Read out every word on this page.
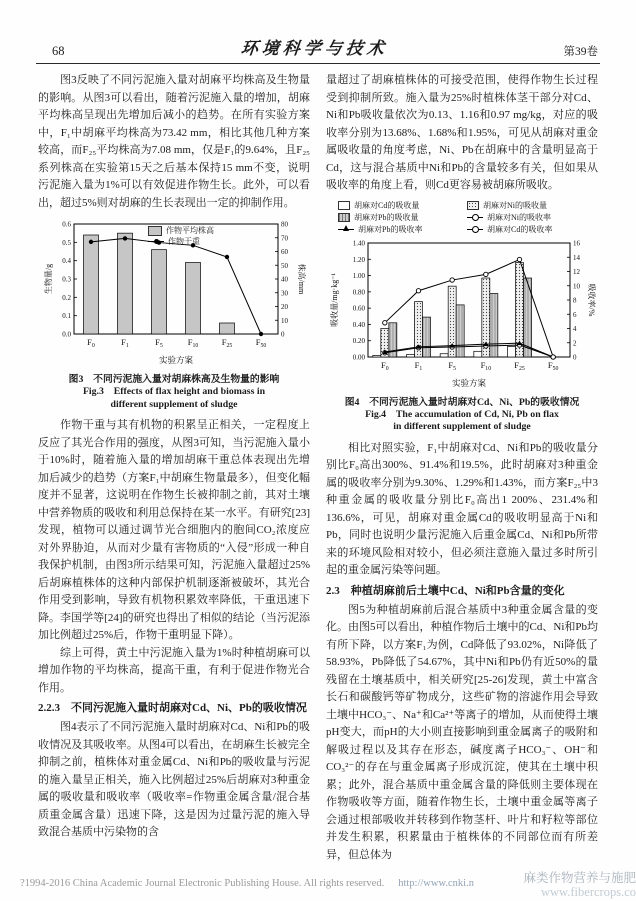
68	环境科学与技术	第39卷

图3反映了不同污泥施入量对胡麻平均株高及生物量的影响。从图3可以看出，随着污泥施入量的增加，胡麻平均株高呈现出先增加后减小的趋势。在所有实验方案中，F₁中胡麻平均株高为73.42 mm，相比其他几种方案较高，而F₂₅平均株高为7.08 mm，仅是F₁的9.64%，且F₂₅系列株高在实验第15天之后基本保持15 mm不变，说明污泥施入量为1%可以有效促进作物生长。此外，可以看出，超过5%则对胡麻的生长表现出一定的抑制作用。

0.0
0.1
0.2
0.3
0.4
0.5
0.6
0
10
20
30
40
50
60
70
80
$F_0$	$F_1$	$F_5$	$F_{10}$	$F_{25}$	$F_{50}$
实验方案
生物量/g	株高/mm
作物平均株高
作物干重
图3　不同污泥施入量对胡麻株高及生物量的影响
Fig.3　Effects of flax height and biomass in
different supplement of sludge

作物干重与其有机物的积累呈正相关，一定程度上反应了其光合作用的强度，从图3可知，当污泥施入量小于10%时，随着施入量的增加胡麻干重总体表现出先增加后减少的趋势（方案F₁中胡麻生物量最多），但变化幅度并不显著，这说明在作物生长被抑制之前，其对土壤中营养物质的吸收和利用总保持在某一水平。有研究[23]发现，植物可以通过调节光合细胞内的胞间CO₂浓度应对外界胁迫，从而对少量有害物质的“入侵”形成一种自我保护机制，由图3所示结果可知，污泥施入量超过25%后胡麻植株体的这种内部保护机制逐渐被破坏，其光合作用受到影响，导致有机物积累效率降低，干重迅速下降。李国学等[24]的研究也得出了相似的结论（当污泥添加比例超过25%后，作物干重明显下降）。

综上可得，黄土中污泥施入量为1%时种植胡麻可以增加作物的平均株高，提高干重，有利于促进作物光合作用。

2.2.3　不同污泥施入量时胡麻对Cd、Ni、Pb的吸收情况

图4表示了不同污泥施入量时胡麻对Cd、Ni和Pb的吸收情况及其吸收率。从图4可以看出，在胡麻生长被完全抑制之前，植株体对重金属Cd、Ni和Pb的吸收量与污泥的施入量呈正相关，施入比例超过25%后胡麻对3种重金属的吸收量和吸收率（吸收率=作物重金属含量/混合基质重金属含量）迅速下降，这是因为过量污泥的施入导致混合基质中污染物的含

量超过了胡麻植株体的可接受范围，使得作物生长过程受到抑制所致。施入量为25%时植株体茎干部分对Cd、Ni和Pb吸收量依次为0.13、1.16和0.97 mg/kg，对应的吸收率分别为13.68%、1.68%和1.95%，可见从胡麻对重金属吸收量的角度考虑，Ni、Pb在胡麻中的含量明显高于Cd，这与混合基质中Ni和Pb的含量较多有关，但如果从吸收率的角度上看，则Cd更容易被胡麻所吸收。

胡麻对Cd的吸收量	胡麻对Ni的吸收量
胡麻对Pb的吸收量	胡麻对Ni的吸收率
胡麻对Pb的吸收率	胡麻对Cd的吸收率
0.00
0.20
0.40
0.60
0.80
1.00
1.20
1.40
0
2
4
6
8
10
12
14
16
$F_0$	$F_1$	$F_5$	$F_{10}$	$F_{25}$	$F_{50}$
实验方案
吸收量/mg·kg⁻¹	吸收率/%
图4　不同污泥施入量时胡麻对Cd、Ni、Pb的吸收情况
Fig.4　The accumulation of Cd, Ni, Pb on flax
in different supplement of sludge

相比对照实验，F₁中胡麻对Cd、Ni和Pb的吸收量分别比F₀高出300%、91.4%和19.5%，此时胡麻对3种重金属的吸收率分别为9.30%、1.29%和1.43%，而方案F₂₅中3种重金属的吸收量分别比F₀高出1 200%、231.4%和136.6%，可见，胡麻对重金属Cd的吸收明显高于Ni和Pb，同时也说明少量污泥施入后重金属Cd、Ni和Pb所带来的环境风险相对较小，但必须注意施入量过多时所引起的重金属污染等问题。

2.3　种植胡麻前后土壤中Cd、Ni和Pb含量的变化

图5为种植胡麻前后混合基质中3种重金属含量的变化。由图5可以看出，种植作物后土壤中的Cd、Ni和Pb均有所下降，以方案F₁为例，Cd降低了93.02%，Ni降低了58.93%，Pb降低了54.67%，其中Ni和Pb仍有近50%的量残留在土壤基质中，相关研究[25-26]发现，黄土中富含长石和碳酸钙等矿物成分，这些矿物的溶滤作用会导致土壤中HCO₃⁻、Na⁺和Ca²⁺等离子的增加，从而使得土壤pH变大，而pH的大小则直接影响到重金属离子的吸附和解吸过程以及其存在形态，碱度离子HCO₃⁻、OH⁻和CO₃²⁻的存在与重金属离子形成沉淀，使其在土壤中积累；此外，混合基质中重金属含量的降低则主要体现在作物吸收等方面，随着作物生长，土壤中重金属等离子会通过根部吸收并转移到作物茎杆、叶片和籽粒等部位并发生积累，积累量由于植株体的不同部位而有所差异，但总体为

?1994-2016 China Academic Journal Electronic Publishing House. All rights reserved. http://www.cnki.n	麻类作物营养与施肥
www.fibercrops.co
